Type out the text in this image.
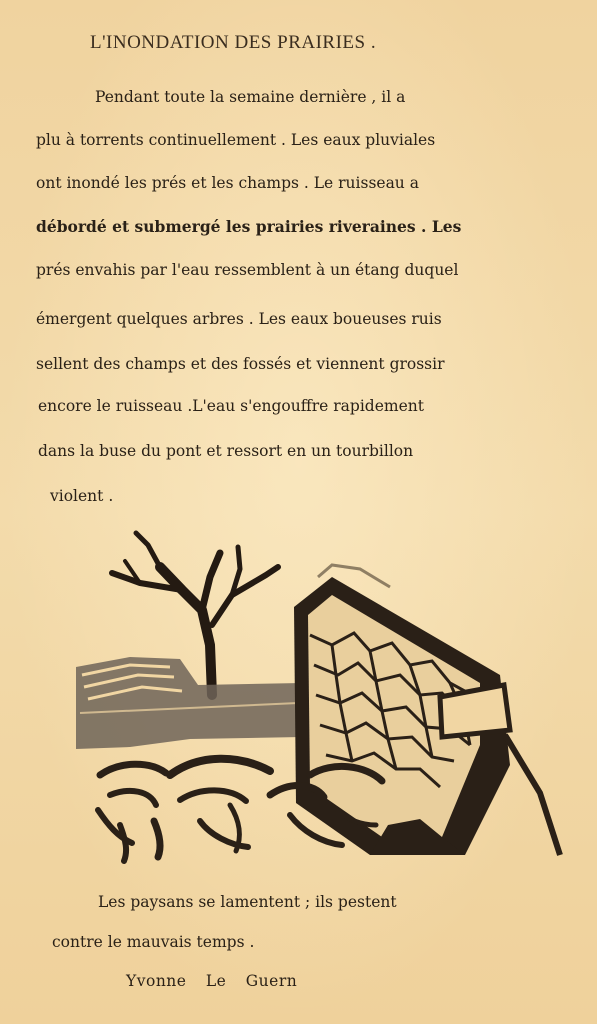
L'INONDATION DES PRAIRIES .
Pendant toute la semaine dernière , il a
plu à torrents continuellement . Les eaux pluviales
ont inondé les prés et les champs . Le ruisseau a
débordé et submergé les prairies riveraines . Les
prés envahis par l'eau ressemblent à un étang duquel
émergent quelques arbres . Les eaux boueuses ruis
sellent des champs et des fossés et viennent grossir
encore le ruisseau .L'eau s'engouffre rapidement
dans la buse du pont et ressort en un tourbillon
violent .
Les paysans se lamentent ; ils pestent
contre le mauvais temps .
Yvonne Le Guern
